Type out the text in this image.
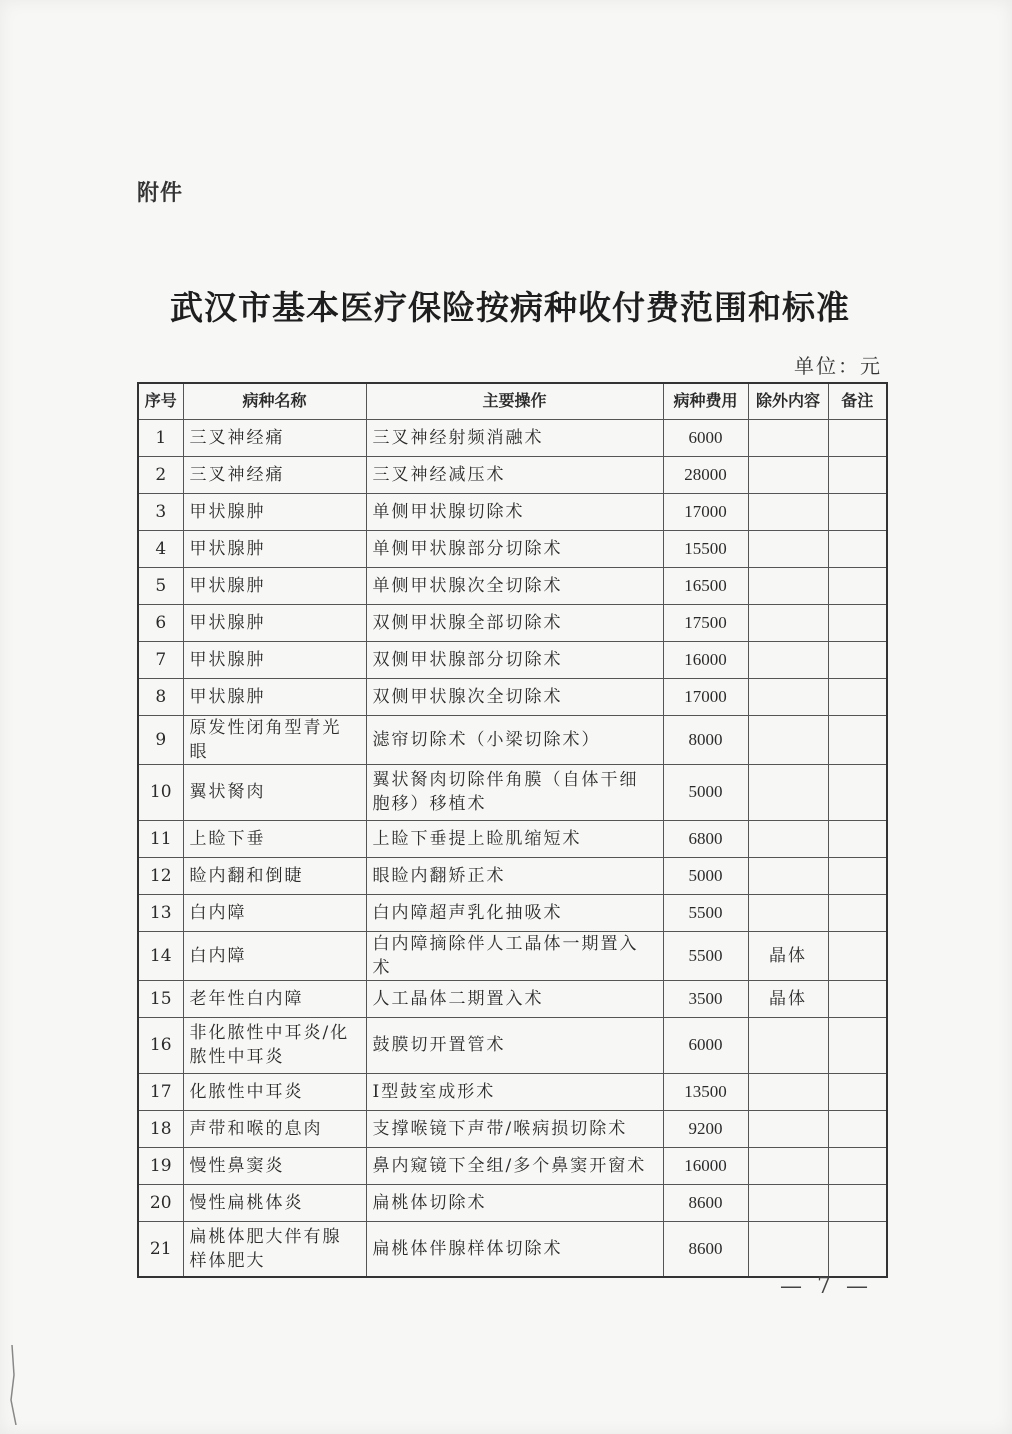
附件
武汉市基本医疗保险按病种收付费范围和标准
单位：元
序号	病种名称	主要操作	病种费用	除外内容	备注
1	三叉神经痛	三叉神经射频消融术	6000		
2	三叉神经痛	三叉神经减压术	28000		
3	甲状腺肿	单侧甲状腺切除术	17000		
4	甲状腺肿	单侧甲状腺部分切除术	15500		
5	甲状腺肿	单侧甲状腺次全切除术	16500		
6	甲状腺肿	双侧甲状腺全部切除术	17500		
7	甲状腺肿	双侧甲状腺部分切除术	16000		
8	甲状腺肿	双侧甲状腺次全切除术	17000		
9	原发性闭角型青光眼	滤帘切除术（小梁切除术）	8000		
10	翼状胬肉	翼状胬肉切除伴角膜（自体干细胞移）移植术	5000		
11	上睑下垂	上睑下垂提上睑肌缩短术	6800		
12	睑内翻和倒睫	眼睑内翻矫正术	5000		
13	白内障	白内障超声乳化抽吸术	5500		
14	白内障	白内障摘除伴人工晶体一期置入术	5500	晶体	
15	老年性白内障	人工晶体二期置入术	3500	晶体	
16	非化脓性中耳炎/化脓性中耳炎	鼓膜切开置管术	6000		
17	化脓性中耳炎	I型鼓室成形术	13500		
18	声带和喉的息肉	支撑喉镜下声带/喉病损切除术	9200		
19	慢性鼻窦炎	鼻内窥镜下全组/多个鼻窦开窗术	16000		
20	慢性扁桃体炎	扁桃体切除术	8600		
21	扁桃体肥大伴有腺样体肥大	扁桃体伴腺样体切除术	8600		
— 7 —
